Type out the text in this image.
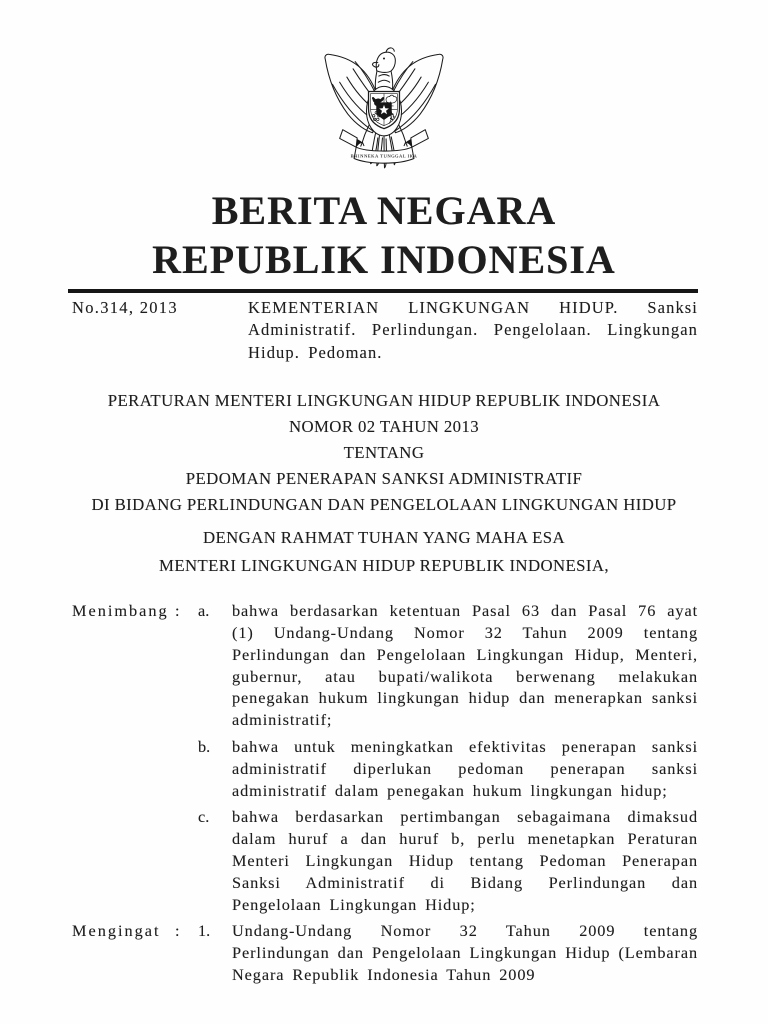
BHINNEKA TUNGGAL IKA
BERITA NEGARA
REPUBLIK INDONESIA
No.314, 2013	KEMENTERIAN LINGKUNGAN HIDUP. Sanksi Administratif. Perlindungan. Pengelolaan. Lingkungan Hidup. Pedoman.
PERATURAN MENTERI LINGKUNGAN HIDUP REPUBLIK INDONESIA
NOMOR 02 TAHUN 2013
TENTANG
PEDOMAN PENERAPAN SANKSI ADMINISTRATIF
DI BIDANG PERLINDUNGAN DAN PENGELOLAAN LINGKUNGAN HIDUP
DENGAN RAHMAT TUHAN YANG MAHA ESA
MENTERI LINGKUNGAN HIDUP REPUBLIK INDONESIA,
Menimbang :	a.	bahwa berdasarkan ketentuan Pasal 63 dan Pasal 76 ayat (1) Undang-Undang Nomor 32 Tahun 2009 tentang Perlindungan dan Pengelolaan Lingkungan Hidup, Menteri, gubernur, atau bupati/walikota berwenang melakukan penegakan hukum lingkungan hidup dan menerapkan sanksi administratif;
b.	bahwa untuk meningkatkan efektivitas penerapan sanksi administratif diperlukan pedoman penerapan sanksi administratif dalam penegakan hukum lingkungan hidup;
c.	bahwa berdasarkan pertimbangan sebagaimana dimaksud dalam huruf a dan huruf b, perlu menetapkan Peraturan Menteri Lingkungan Hidup tentang Pedoman Penerapan Sanksi Administratif di Bidang Perlindungan dan Pengelolaan Lingkungan Hidup;
Mengingat :	1.	Undang-Undang Nomor 32 Tahun 2009 tentang Perlindungan dan Pengelolaan Lingkungan Hidup (Lembaran Negara Republik Indonesia Tahun 2009
